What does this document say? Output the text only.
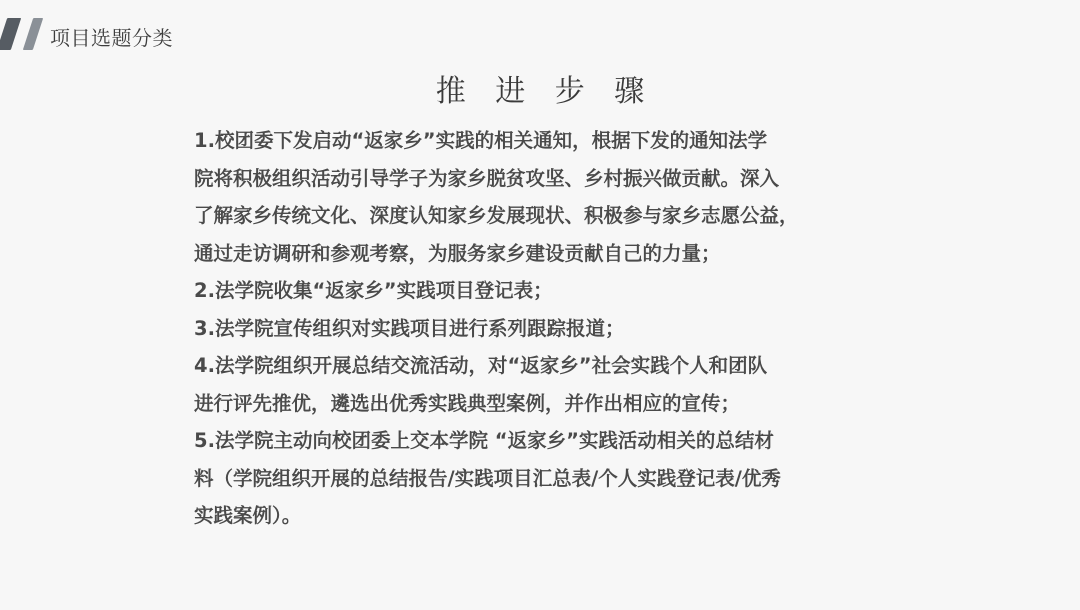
项目选题分类
推 进 步 骤
1.校团委下发启动“返家乡”实践的相关通知，根据下发的通知法学
院将积极组织活动引导学子为家乡脱贫攻坚、乡村振兴做贡献。深入
了解家乡传统文化、深度认知家乡发展现状、积极参与家乡志愿公益，
通过走访调研和参观考察，为服务家乡建设贡献自己的力量；
2.法学院收集“返家乡”实践项目登记表；
3.法学院宣传组织对实践项目进行系列跟踪报道；
4.法学院组织开展总结交流活动，对“返家乡”社会实践个人和团队
进行评先推优，遴选出优秀实践典型案例，并作出相应的宣传；
5.法学院主动向校团委上交本学院 “返家乡”实践活动相关的总结材
料（学院组织开展的总结报告/实践项目汇总表/个人实践登记表/优秀
实践案例）。
